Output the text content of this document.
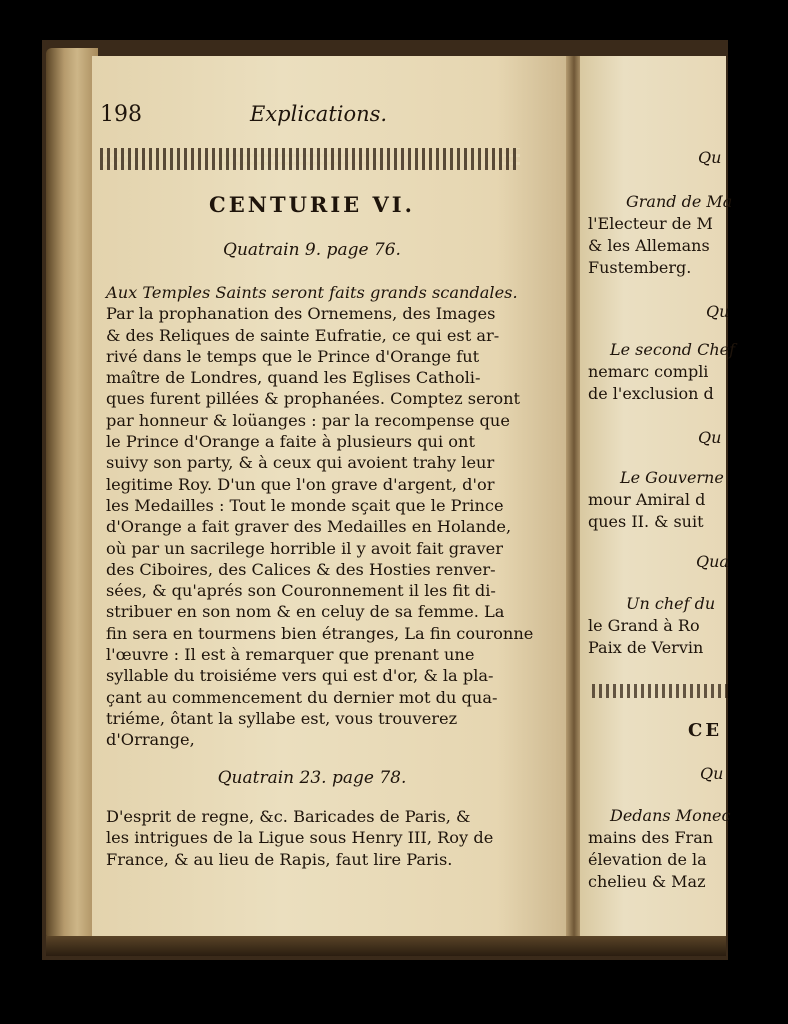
198	Explications.
CENTURIE VI.
Quatrain 9. page 76.
Aux Temples Saints seront faits grands scandales.
Par la prophanation des Ornemens, des Images
& des Reliques de sainte Eufratie, ce qui est ar-
rivé dans le temps que le Prince d'Orange fut
maître de Londres, quand les Eglises Catholi-
ques furent pillées & prophanées. Comptez seront
par honneur & loüanges : par la recompense que
le Prince d'Orange a faite à plusieurs qui ont
suivy son party, & à ceux qui avoient trahy leur
legitime Roy. D'un que l'on grave d'argent, d'or
les Medailles : Tout le monde sçait que le Prince
d'Orange a fait graver des Medailles en Holande,
où par un sacrilege horrible il y avoit fait graver
des Ciboires, des Calices & des Hosties renver-
sées, & qu'aprés son Couronnement il les fit di-
stribuer en son nom & en celuy de sa femme. La
fin sera en tourmens bien étranges, La fin couronne
l'œuvre : Il est à remarquer que prenant une
syllable du troisiéme vers qui est d'or, & la pla-
çant au commencement du dernier mot du qua-
triéme, ôtant la syllabe est, vous trouverez
d'Orrange,
Quatrain 23. page 78.
D'esprit de regne, &c. Baricades de Paris, &
les intrigues de la Ligue sous Henry III, Roy de
France, & au lieu de Rapis, faut lire Paris.
Qu
Grand de Ma
l'Electeur de M
& les Allemans
Fustemberg.
Qu
Le second Chef
nemarc compli
de l'exclusion d
Qu
Le Gouverne
mour Amiral d
ques II. & suit
Qua
Un chef du
le Grand à Ro
Paix de Vervin
CE
Qu
Dedans Monec
mains des Fran
élevation de la
chelieu & Maz
